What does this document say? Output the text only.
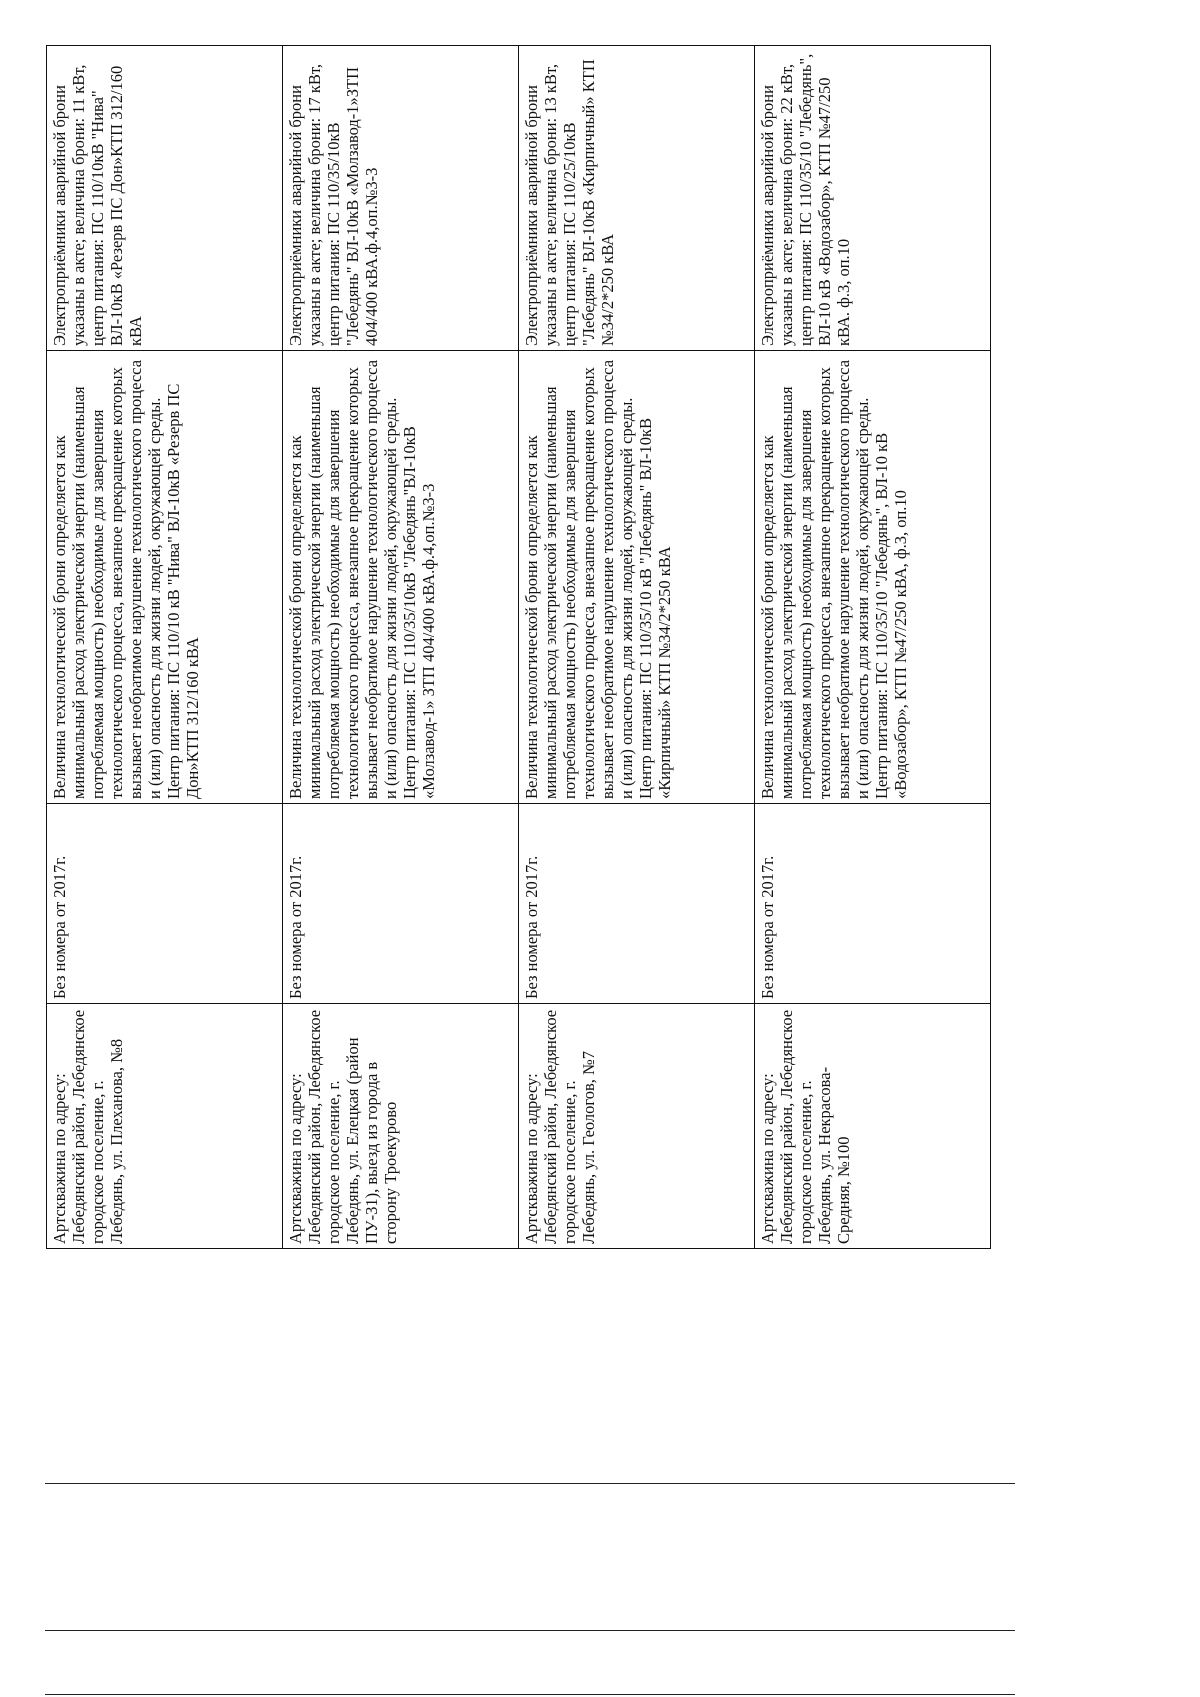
Артскважина по адресу: Лебедянский район, Лебедянское городское поселение, г. Лебедянь, ул. Плеханова, №8	Без номера от 2017г.	Величина технологической брони определяется как минимальный расход электрической энергии (наименьшая потребляемая мощность) необходимые для завершения технологического процесса, внезапное прекращение которых вызывает необратимое нарушение технологического процесса и (или) опасность для жизни людей, окружающей среды. Центр питания: ПС 110/10 кВ "Нива" ВЛ-10кВ «Резерв ПС Дон»КТП 312/160 кВА	Электроприёмники аварийной брони указаны в акте; величина брони: 11 кВт, центр питания: ПС 110/10кВ "Нива" ВЛ-10кВ «Резерв ПС Дон»КТП 312/160 кВА
Артскважина по адресу: Лебедянский район, Лебедянское городское поселение, г. Лебедянь, ул. Елецкая (район ПУ-31), выезд из города в сторону Троекурово	Без номера от 2017г.	Величина технологической брони определяется как минимальный расход электрической энергии (наименьшая потребляемая мощность) необходимые для завершения технологического процесса, внезапное прекращение которых вызывает необратимое нарушение технологического процесса и (или) опасность для жизни людей, окружающей среды. Центр питания: ПС 110/35/10кВ "Лебедянь"ВЛ-10кВ «Молзавод-1» ЗТП 404/400 кВА.ф.4,оп.№3-3	Электроприёмники аварийной брони указаны в акте; величина брони: 17 кВт, центр питания: ПС 110/35/10кВ "Лебедянь" ВЛ-10кВ «Молзавод-1»ЗТП 404/400 кВА.ф.4,оп.№3-3
Артскважина по адресу: Лебедянский район, Лебедянское городское поселение, г. Лебедянь, ул. Геологов, №7	Без номера от 2017г.	Величина технологической брони определяется как минимальный расход электрической энергии (наименьшая потребляемая мощность) необходимые для завершения технологического процесса, внезапное прекращение которых вызывает необратимое нарушение технологического процесса и (или) опасность для жизни людей, окружающей среды. Центр питания: ПС 110/35/10 кВ "Лебедянь" ВЛ-10кВ «Кирпичный» КТП №34/2*250 кВА	Электроприёмники аварийной брони указаны в акте; величина брони: 13 кВт, центр питания: ПС 110/25/10кВ "Лебедянь" ВЛ-10кВ «Кирпичный» КТП №34/2*250 кВА
Артскважина по адресу: Лебедянский район, Лебедянское городское поселение, г. Лебедянь, ул. Некрасова-Средняя, №100	Без номера от 2017г.	Величина технологической брони определяется как минимальный расход электрической энергии (наименьшая потребляемая мощность) необходимые для завершения технологического процесса, внезапное прекращение которых вызывает необратимое нарушение технологического процесса и (или) опасность для жизни людей, окружающей среды. Центр питания: ПС 110/35/10 "Лебедянь", ВЛ-10 кВ «Водозабор», КТП №47/250 кВА, ф.3, оп.10	Электроприёмники аварийной брони указаны в акте; величина брони: 22 кВт, центр питания: ПС 110/35/10 "Лебедянь", ВЛ-10 кВ «Водозабор», КТП №47/250 кВА. ф.3, оп.10
